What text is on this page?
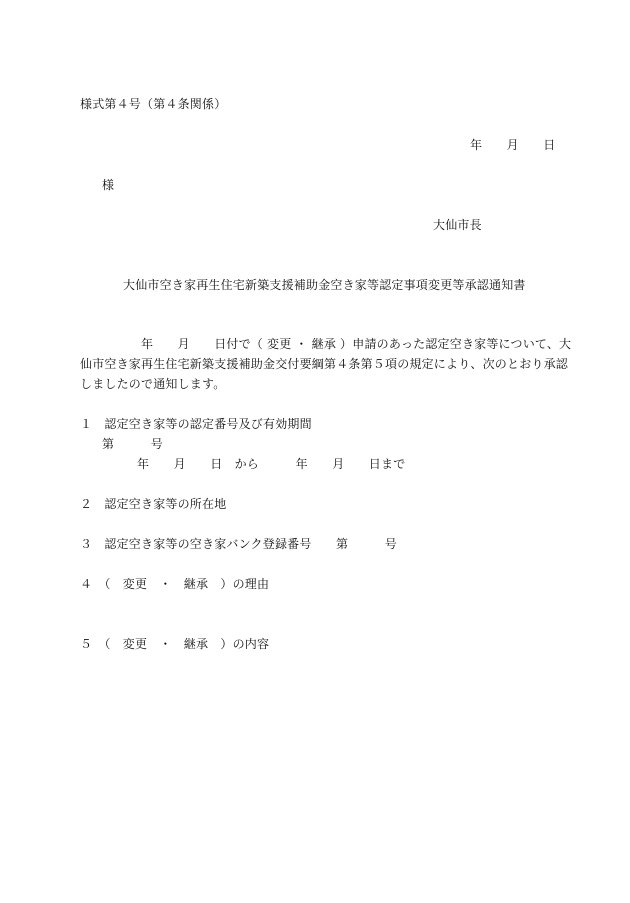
様式第４号（第４条関係）
年　　月　　日
様
大仙市長
大仙市空き家再生住宅新築支援補助金空き家等認定事項変更等承認通知書
　　　　　年　　月　　日付で（ 変更 ・ 継承 ）申請のあった認定空き家等について、大
仙市空き家再生住宅新築支援補助金交付要綱第４条第５項の規定により、次のとおり承認
しましたので通知します。
１　認定空き家等の認定番号及び有効期間
第　　　号
年　　月　　日　から　　　年　　月　　日まで
２　認定空き家等の所在地
３　認定空き家等の空き家バンク登録番号　　第　　　号
４　（　変更　・　継承　）の理由
５　（　変更　・　継承　）の内容
